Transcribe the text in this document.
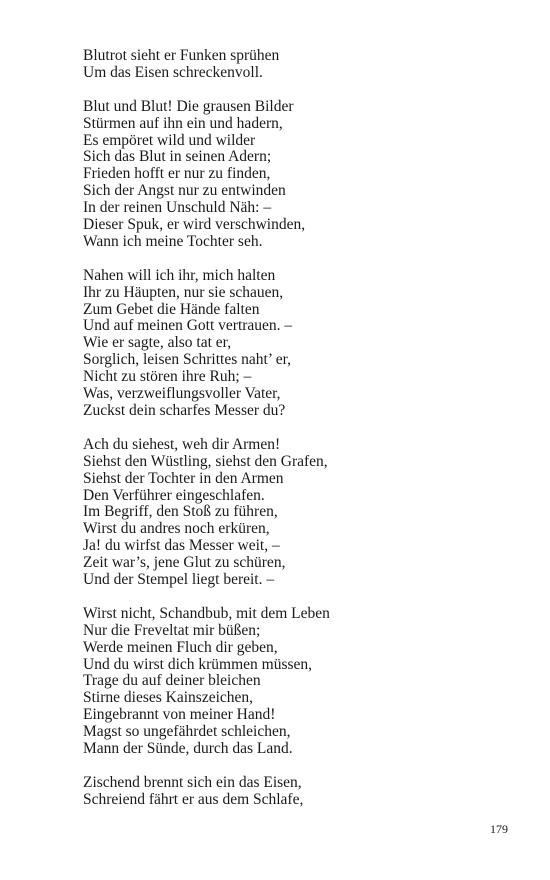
Blutrot sieht er Funken sprühen
Um das Eisen schreckenvoll.
Blut und Blut! Die grausen Bilder
Stürmen auf ihn ein und hadern,
Es empöret wild und wilder
Sich das Blut in seinen Adern;
Frieden hofft er nur zu finden,
Sich der Angst nur zu entwinden
In der reinen Unschuld Näh: –
Dieser Spuk, er wird verschwinden,
Wann ich meine Tochter seh.
Nahen will ich ihr, mich halten
Ihr zu Häupten, nur sie schauen,
Zum Gebet die Hände falten
Und auf meinen Gott vertrauen. –
Wie er sagte, also tat er,
Sorglich, leisen Schrittes naht’ er,
Nicht zu stören ihre Ruh; –
Was, verzweiflungsvoller Vater,
Zuckst dein scharfes Messer du?
Ach du siehest, weh dir Armen!
Siehst den Wüstling, siehst den Grafen,
Siehst der Tochter in den Armen
Den Verführer eingeschlafen.
Im Begriff, den Stoß zu führen,
Wirst du andres noch erküren,
Ja! du wirfst das Messer weit, –
Zeit war’s, jene Glut zu schüren,
Und der Stempel liegt bereit. –
Wirst nicht, Schandbub, mit dem Leben
Nur die Freveltat mir büßen;
Werde meinen Fluch dir geben,
Und du wirst dich krümmen müssen,
Trage du auf deiner bleichen
Stirne dieses Kainszeichen,
Eingebrannt von meiner Hand!
Magst so ungefährdet schleichen,
Mann der Sünde, durch das Land.
Zischend brennt sich ein das Eisen,
Schreiend fährt er aus dem Schlafe,
179
